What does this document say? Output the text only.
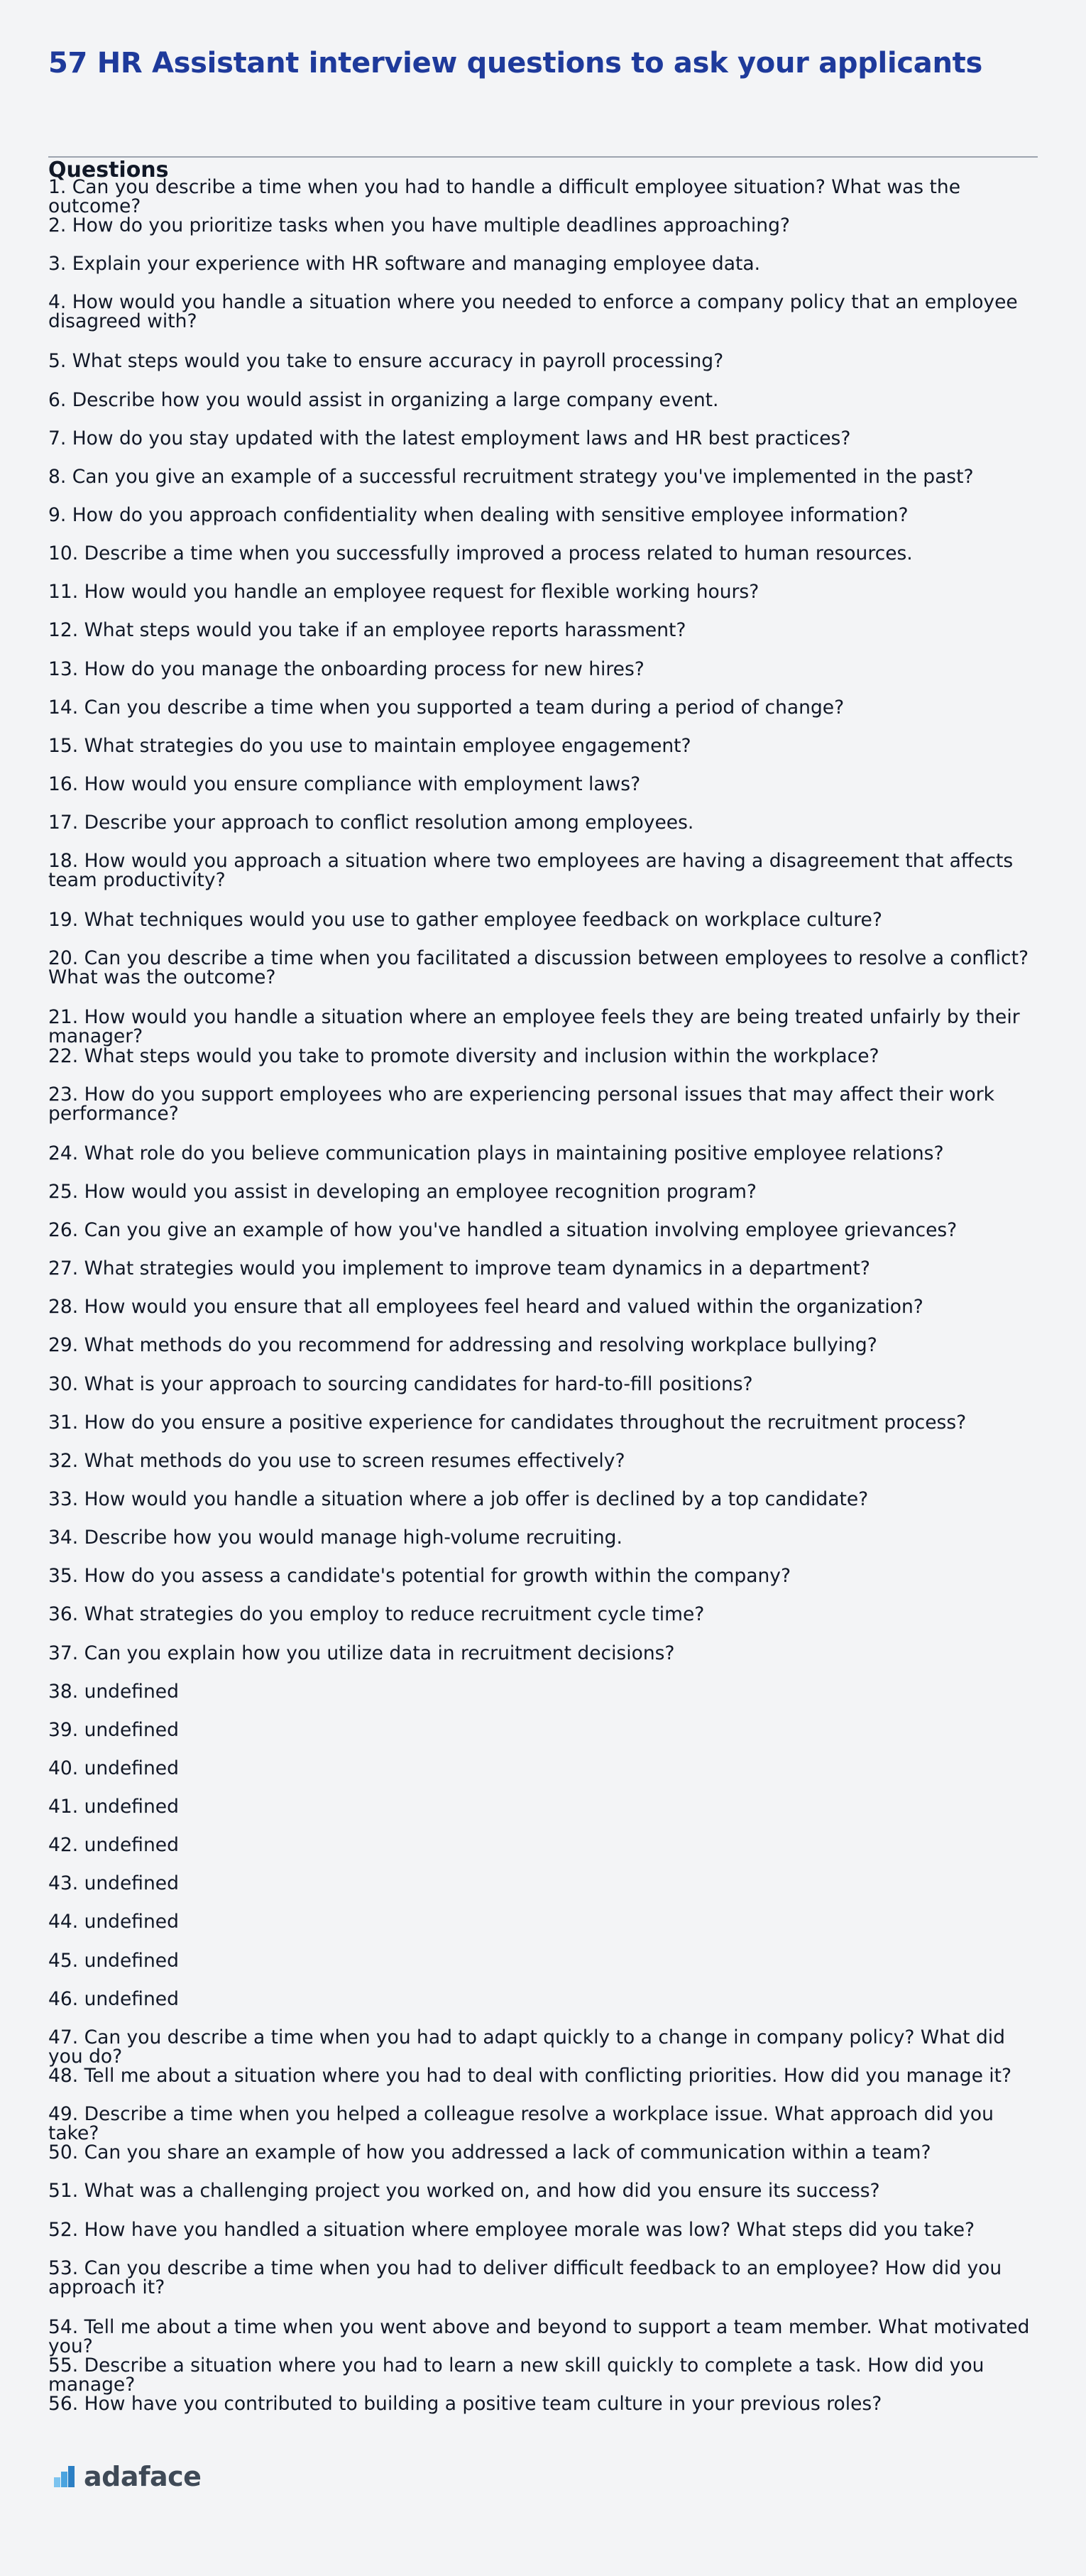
57 HR Assistant interview questions to ask your applicants
Questions
1. Can you describe a time when you had to handle a difficult employee situation? What was the outcome?
2. How do you prioritize tasks when you have multiple deadlines approaching?
3. Explain your experience with HR software and managing employee data.
4. How would you handle a situation where you needed to enforce a company policy that an employee disagreed with?
5. What steps would you take to ensure accuracy in payroll processing?
6. Describe how you would assist in organizing a large company event.
7. How do you stay updated with the latest employment laws and HR best practices?
8. Can you give an example of a successful recruitment strategy you've implemented in the past?
9. How do you approach confidentiality when dealing with sensitive employee information?
10. Describe a time when you successfully improved a process related to human resources.
11. How would you handle an employee request for flexible working hours?
12. What steps would you take if an employee reports harassment?
13. How do you manage the onboarding process for new hires?
14. Can you describe a time when you supported a team during a period of change?
15. What strategies do you use to maintain employee engagement?
16. How would you ensure compliance with employment laws?
17. Describe your approach to conflict resolution among employees.
18. How would you approach a situation where two employees are having a disagreement that affects team productivity?
19. What techniques would you use to gather employee feedback on workplace culture?
20. Can you describe a time when you facilitated a discussion between employees to resolve a conflict? What was the outcome?
21. How would you handle a situation where an employee feels they are being treated unfairly by their manager?
22. What steps would you take to promote diversity and inclusion within the workplace?
23. How do you support employees who are experiencing personal issues that may affect their work performance?
24. What role do you believe communication plays in maintaining positive employee relations?
25. How would you assist in developing an employee recognition program?
26. Can you give an example of how you've handled a situation involving employee grievances?
27. What strategies would you implement to improve team dynamics in a department?
28. How would you ensure that all employees feel heard and valued within the organization?
29. What methods do you recommend for addressing and resolving workplace bullying?
30. What is your approach to sourcing candidates for hard-to-fill positions?
31. How do you ensure a positive experience for candidates throughout the recruitment process?
32. What methods do you use to screen resumes effectively?
33. How would you handle a situation where a job offer is declined by a top candidate?
34. Describe how you would manage high-volume recruiting.
35. How do you assess a candidate's potential for growth within the company?
36. What strategies do you employ to reduce recruitment cycle time?
37. Can you explain how you utilize data in recruitment decisions?
38. undefined
39. undefined
40. undefined
41. undefined
42. undefined
43. undefined
44. undefined
45. undefined
46. undefined
47. Can you describe a time when you had to adapt quickly to a change in company policy? What did you do?
48. Tell me about a situation where you had to deal with conflicting priorities. How did you manage it?
49. Describe a time when you helped a colleague resolve a workplace issue. What approach did you take?
50. Can you share an example of how you addressed a lack of communication within a team?
51. What was a challenging project you worked on, and how did you ensure its success?
52. How have you handled a situation where employee morale was low? What steps did you take?
53. Can you describe a time when you had to deliver difficult feedback to an employee? How did you approach it?
54. Tell me about a time when you went above and beyond to support a team member. What motivated you?
55. Describe a situation where you had to learn a new skill quickly to complete a task. How did you manage?
56. How have you contributed to building a positive team culture in your previous roles?
adaface
